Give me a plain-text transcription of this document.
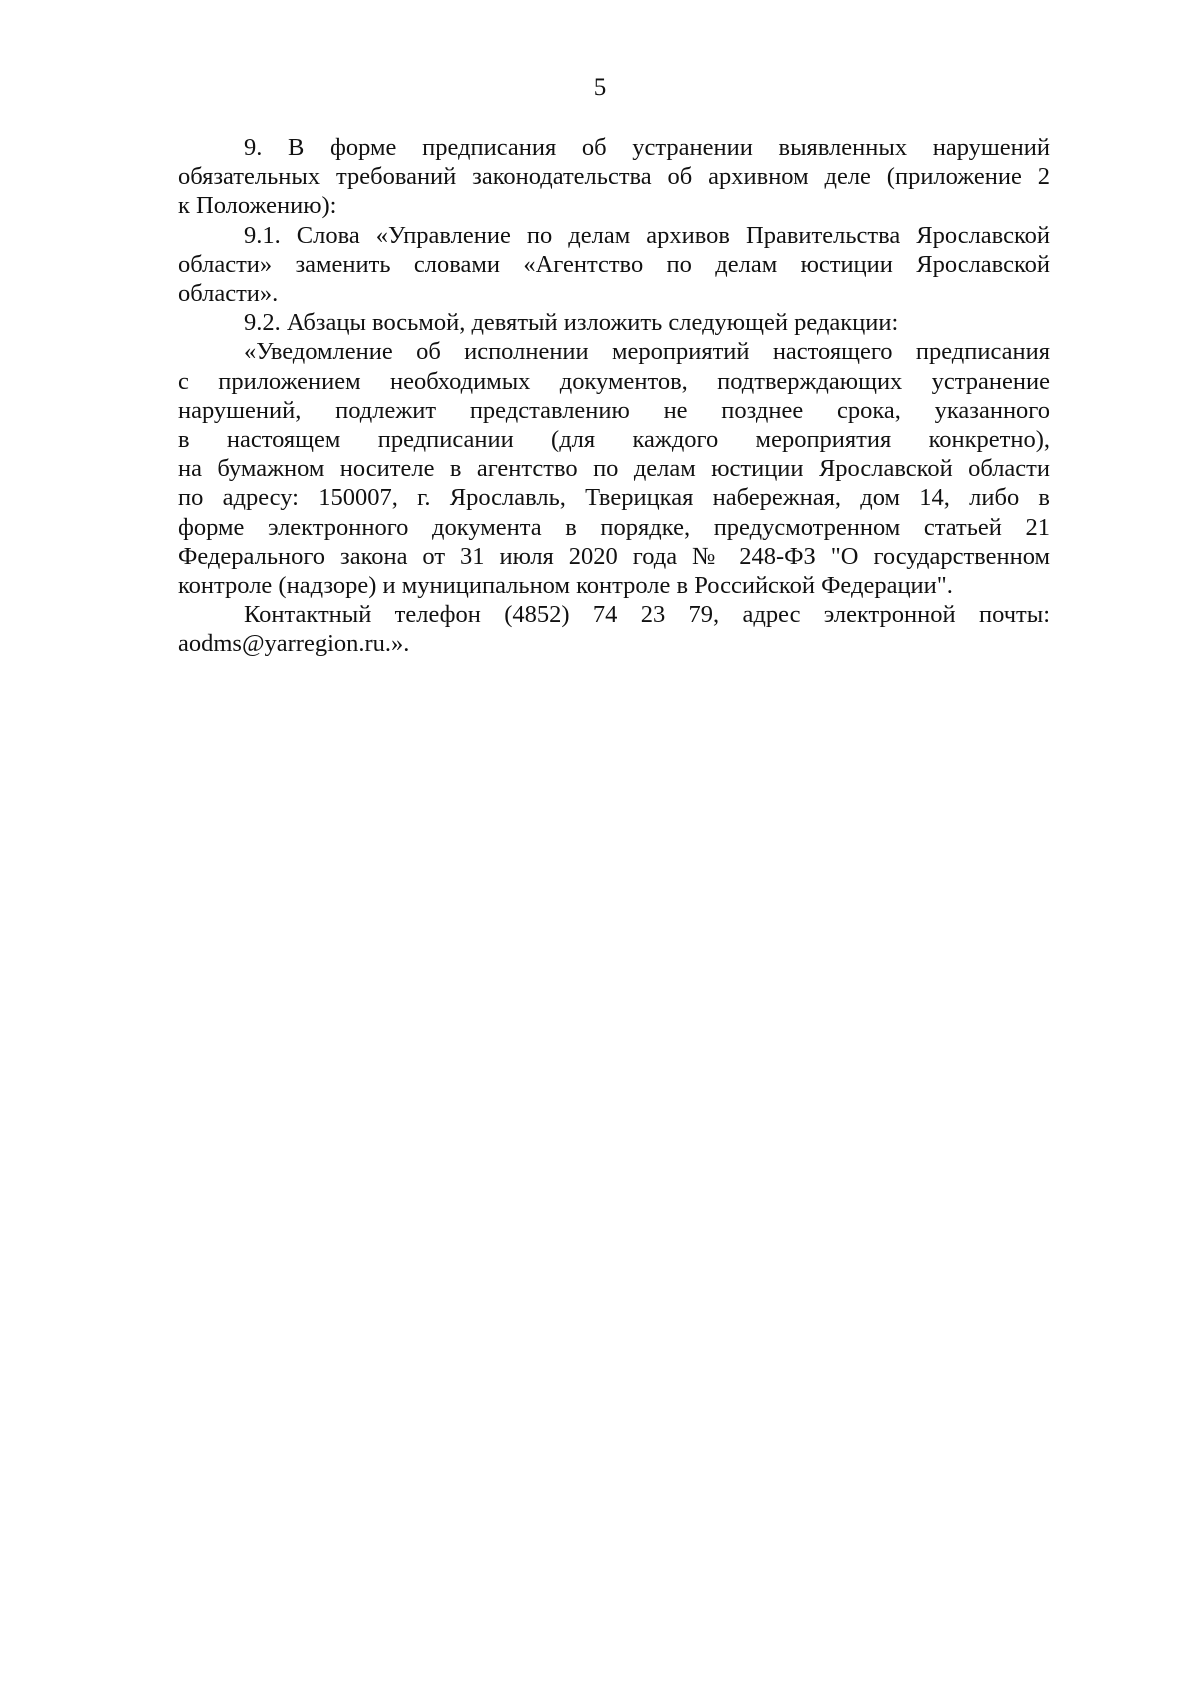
5
9. В форме предписания об устранении выявленных нарушений
обязательных требований законодательства об архивном деле (приложение 2
к Положению):
9.1. Слова «Управление по делам архивов Правительства Ярославской
области» заменить словами «Агентство по делам юстиции Ярославской
области».
9.2. Абзацы восьмой, девятый изложить следующей редакции:
«Уведомление об исполнении мероприятий настоящего предписания
с приложением необходимых документов, подтверждающих устранение
нарушений, подлежит представлению не позднее срока, указанного
в настоящем предписании (для каждого мероприятия конкретно),
на бумажном носителе в агентство по делам юстиции Ярославской области
по адресу: 150007, г. Ярославль, Тверицкая набережная, дом 14, либо в
форме электронного документа в порядке, предусмотренном статьей 21
Федерального закона от 31 июля 2020 года № 248-ФЗ "О государственном
контроле (надзоре) и муниципальном контроле в Российской Федерации".
Контактный телефон (4852) 74 23 79, адрес электронной почты:
aodms@yarregion.ru.».
